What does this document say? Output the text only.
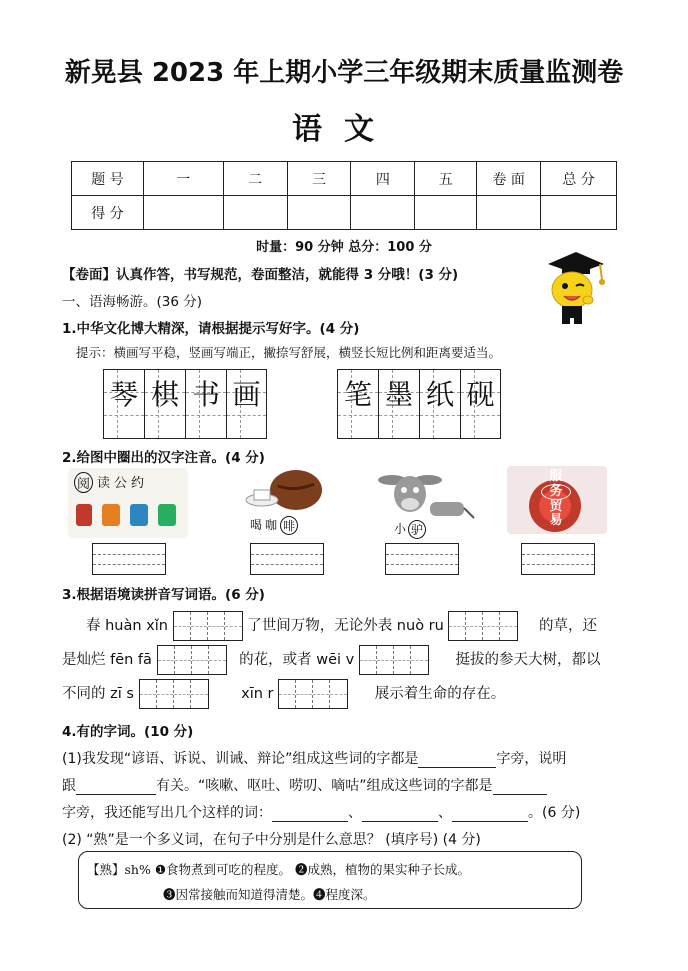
新晃县 2023 年上期小学三年级期末质量监测卷
语文
题 号	一	二	三	四	五	卷 面	总 分
得 分							
时量：90 分钟 总分：100 分
【卷面】认真作答，书写规范，卷面整洁，就能得 3 分哦！(3 分)
一、语海畅游。(36 分)
1.中华文化博大精深，请根据提示写好字。(4 分)
提示：横画写平稳，竖画写端正，撇捺写舒展，横竖长短比例和距离要适当。
琴 棋 书 画	笔 墨 纸 砚
2.给图中圈出的汉字注音。(4 分)
阅 读 公 约
喝 咖 啡	小 驴
服
务
贸
易
3.根据语境读拼音写词语。(6 分)
春 huàn xǐn	了世间万物，无论外表 nuò ru	的草，还
是灿烂 fēn fā	的花，或者 wēi v	挺拔的参天大树，都以
不同的 zī s	xīn r	展示着生命的存在。
4.有的字词。(10 分)
(1)我发现“谚语、诉说、训诫、辩论”组成这些词的字都是	字旁，说明
跟	有关。“咳嗽、呕吐、唠叨、嘀咕”组成这些词的字都是
字旁，我还能写出几个这样的词：	、	、	。(6 分)
(2) “熟”是一个多义词，在句子中分别是什么意思？ (填序号) (4 分)
【熟】sh% ❶食物煮到可吃的程度。 ❷成熟，植物的果实种子长成。
❸因常接触而知道得清楚。❹程度深。
